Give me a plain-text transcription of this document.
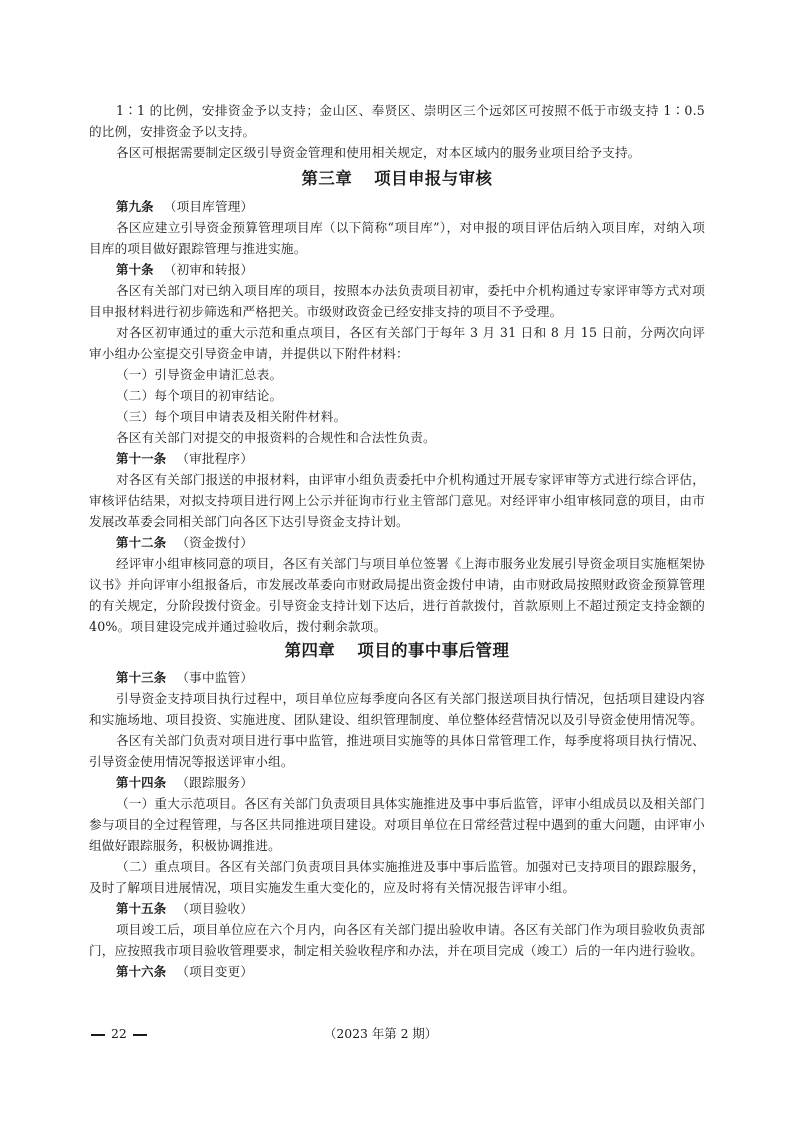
1∶1 的比例，安排资金予以支持；金山区、奉贤区、崇明区三个远郊区可按照不低于市级支持 1∶0.5 的比例，安排资金予以支持。

各区可根据需要制定区级引导资金管理和使用相关规定，对本区域内的服务业项目给予支持。

第三章 项目申报与审核

第九条 （项目库管理）

各区应建立引导资金预算管理项目库（以下简称“项目库”），对申报的项目评估后纳入项目库，对纳入项目库的项目做好跟踪管理与推进实施。

第十条 （初审和转报）

各区有关部门对已纳入项目库的项目，按照本办法负责项目初审，委托中介机构通过专家评审等方式对项目申报材料进行初步筛选和严格把关。市级财政资金已经安排支持的项目不予受理。

对各区初审通过的重大示范和重点项目，各区有关部门于每年 3 月 31 日和 8 月 15 日前，分两次向评审小组办公室提交引导资金申请，并提供以下附件材料：

（一）引导资金申请汇总表。

（二）每个项目的初审结论。

（三）每个项目申请表及相关附件材料。

各区有关部门对提交的申报资料的合规性和合法性负责。

第十一条 （审批程序）

对各区有关部门报送的申报材料，由评审小组负责委托中介机构通过开展专家评审等方式进行综合评估，审核评估结果，对拟支持项目进行网上公示并征询市行业主管部门意见。对经评审小组审核同意的项目，由市发展改革委会同相关部门向各区下达引导资金支持计划。

第十二条 （资金拨付）

经评审小组审核同意的项目，各区有关部门与项目单位签署《上海市服务业发展引导资金项目实施框架协议书》并向评审小组报备后，市发展改革委向市财政局提出资金拨付申请，由市财政局按照财政资金预算管理的有关规定，分阶段拨付资金。引导资金支持计划下达后，进行首款拨付，首款原则上不超过预定支持金额的 40%。项目建设完成并通过验收后，拨付剩余款项。

第四章 项目的事中事后管理

第十三条 （事中监管）

引导资金支持项目执行过程中，项目单位应每季度向各区有关部门报送项目执行情况，包括项目建设内容和实施场地、项目投资、实施进度、团队建设、组织管理制度、单位整体经营情况以及引导资金使用情况等。

各区有关部门负责对项目进行事中监管，推进项目实施等的具体日常管理工作，每季度将项目执行情况、引导资金使用情况等报送评审小组。

第十四条 （跟踪服务）

（一）重大示范项目。各区有关部门负责项目具体实施推进及事中事后监管，评审小组成员以及相关部门参与项目的全过程管理，与各区共同推进项目建设。对项目单位在日常经营过程中遇到的重大问题，由评审小组做好跟踪服务，积极协调推进。

（二）重点项目。各区有关部门负责项目具体实施推进及事中事后监管。加强对已支持项目的跟踪服务，及时了解项目进展情况，项目实施发生重大变化的，应及时将有关情况报告评审小组。

第十五条 （项目验收）

项目竣工后，项目单位应在六个月内，向各区有关部门提出验收申请。各区有关部门作为项目验收负责部门，应按照我市项目验收管理要求，制定相关验收程序和办法，并在项目完成（竣工）后的一年内进行验收。

第十六条 （项目变更）

22	（2023 年第 2 期）
